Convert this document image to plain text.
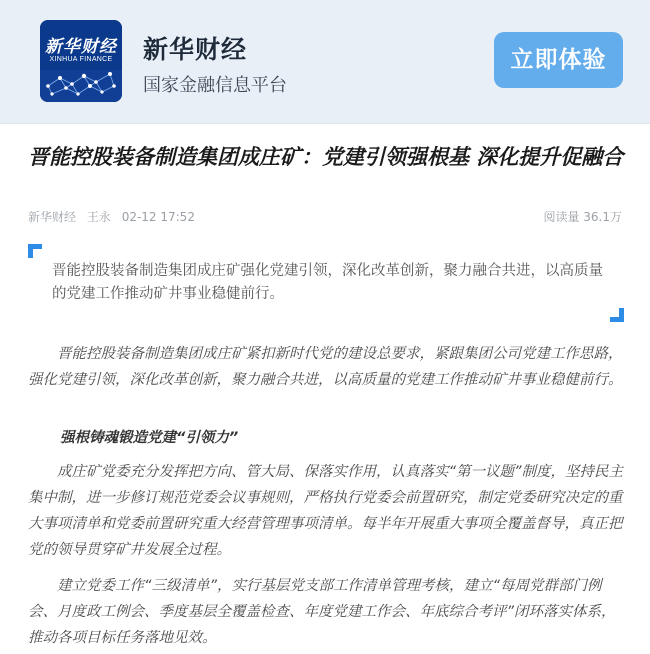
新华财经
XINHUA FINANCE	新华财经
国家金融信息平台
立即体验
晋能控股装备制造集团成庄矿：党建引领强根基 深化提升促融合
新华财经 王永 02-12 17:52	阅读量 36.1万
晋能控股装备制造集团成庄矿强化党建引领，深化改革创新，聚力融合共进，以高质量的党建工作推动矿井事业稳健前行。

晋能控股装备制造集团成庄矿紧扣新时代党的建设总要求，紧跟集团公司党建工作思路，强化党建引领，深化改革创新，聚力融合共进，以高质量的党建工作推动矿井事业稳健前行。

强根铸魂锻造党建“引领力”

成庄矿党委充分发挥把方向、管大局、保落实作用，认真落实“第一议题”制度，坚持民主集中制，进一步修订规范党委会议事规则，严格执行党委会前置研究，制定党委研究决定的重大事项清单和党委前置研究重大经营管理事项清单。每半年开展重大事项全覆盖督导，真正把党的领导贯穿矿井发展全过程。

建立党委工作“三级清单”，实行基层党支部工作清单管理考核，建立“每周党群部门例会、月度政工例会、季度基层全覆盖检查、年度党建工作会、年底综合考评”闭环落实体系，推动各项目标任务落地见效。
